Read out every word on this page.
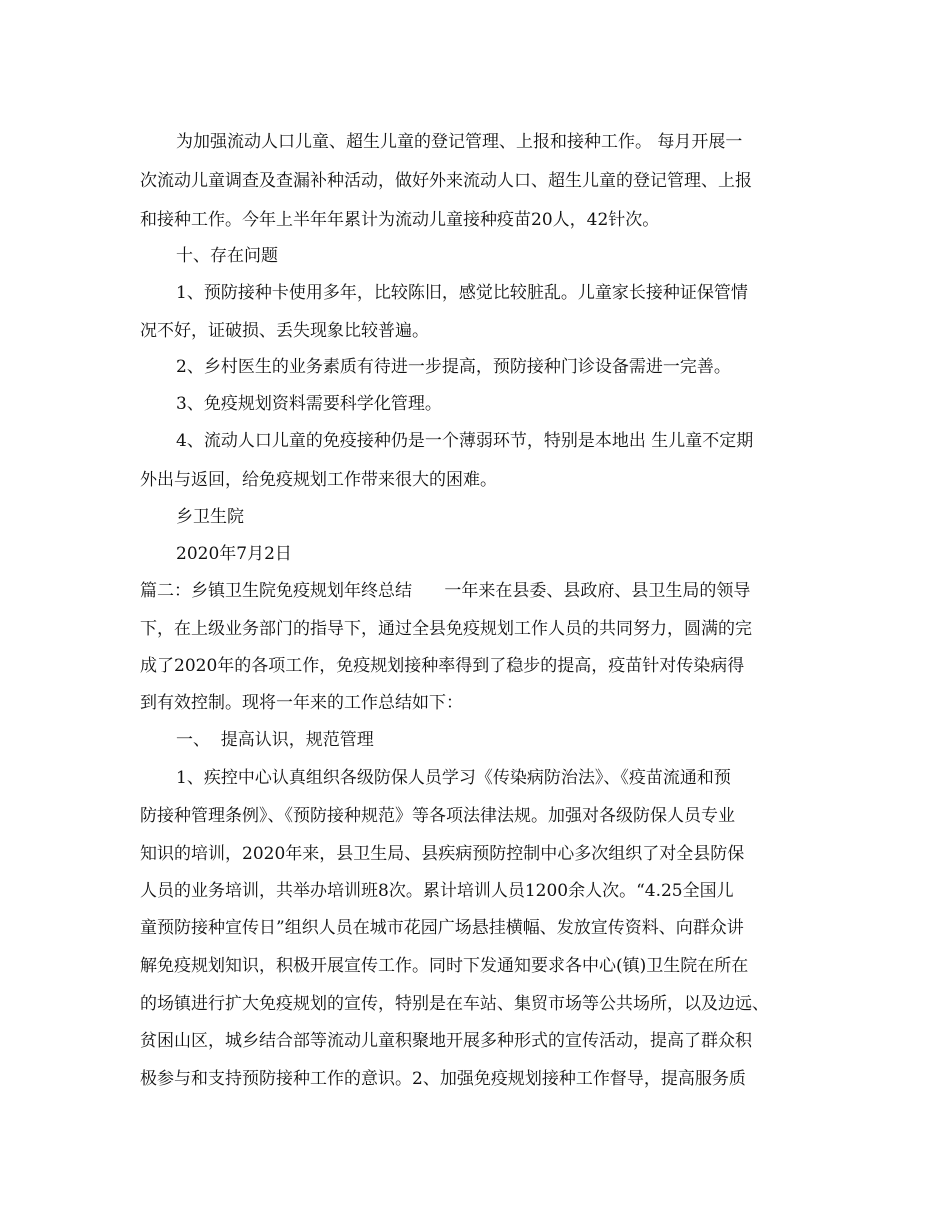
为加强流动人口儿童、超生儿童的登记管理、上报和接种工作。 每月开展一
次流动儿童调查及查漏补种活动，做好外来流动人口、超生儿童的登记管理、上报
和接种工作。今年上半年年累计为流动儿童接种疫苗20人，42针次。
十、存在问题
1、预防接种卡使用多年，比较陈旧，感觉比较脏乱。儿童家长接种证保管情
况不好，证破损、丢失现象比较普遍。
2、乡村医生的业务素质有待进一步提高，预防接种门诊设备需进一完善。
3、免疫规划资料需要科学化管理。
4、流动人口儿童的免疫接种仍是一个薄弱环节，特别是本地出 生儿童不定期
外出与返回，给免疫规划工作带来很大的困难。
乡卫生院
2020年7月2日
篇二：乡镇卫生院免疫规划年终总结      一年来在县委、县政府、县卫生局的领导
下，在上级业务部门的指导下，通过全县免疫规划工作人员的共同努力，圆满的完
成了2020年的各项工作，免疫规划接种率得到了稳步的提高，疫苗针对传染病得
到有效控制。现将一年来的工作总结如下：
一、  提高认识，规范管理
1、疾控中心认真组织各级防保人员学习《传染病防治法》、《疫苗流通和预
防接种管理条例》、《预防接种规范》等各项法律法规。加强对各级防保人员专业
知识的培训，2020年来，县卫生局、县疾病预防控制中心多次组织了对全县防保
人员的业务培训，共举办培训班8次。累计培训人员1200余人次。“4.25全国儿
童预防接种宣传日”组织人员在城市花园广场悬挂横幅、发放宣传资料、向群众讲
解免疫规划知识，积极开展宣传工作。同时下发通知要求各中心(镇)卫生院在所在
的场镇进行扩大免疫规划的宣传，特别是在车站、集贸市场等公共场所，以及边远、
贫困山区，城乡结合部等流动儿童积聚地开展多种形式的宣传活动，提高了群众积
极参与和支持预防接种工作的意识。2、加强免疫规划接种工作督导，提高服务质
